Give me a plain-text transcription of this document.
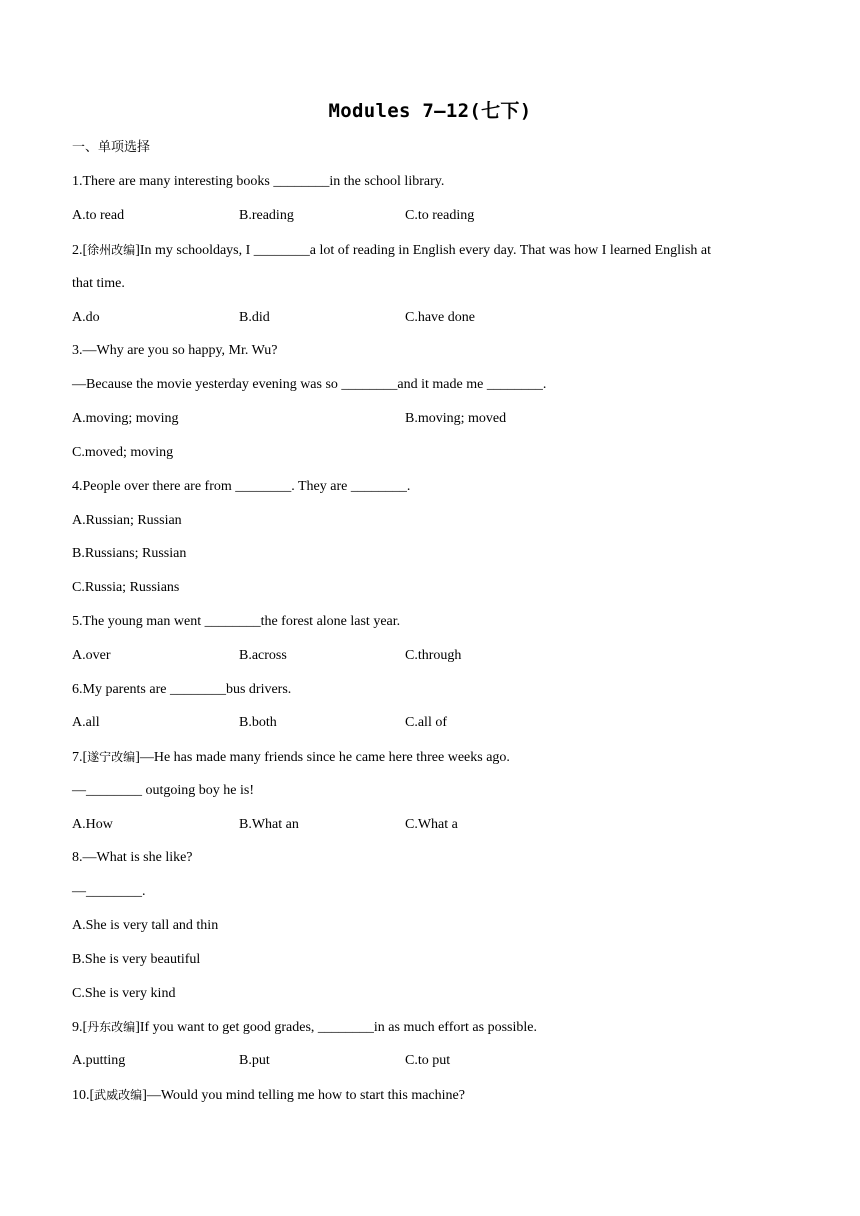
Modules 7—12(七下)
一、单项选择
1.There are many interesting books ________in the school library.
A.to read	B.reading	C.to reading
2.[徐州改编]In my schooldays, I ________a lot of reading in English every day. That was how I learned English at
that time.
A.do	B.did	C.have done
3.—Why are you so happy, Mr. Wu?
—Because the movie yesterday evening was so ________and it made me ________.
A.moving; moving	B.moving; moved
C.moved; moving
4.People over there are from ________. They are ________.
A.Russian; Russian
B.Russians; Russian
C.Russia; Russians
5.The young man went ________the forest alone last year.
A.over	B.across	C.through
6.My parents are ________bus drivers.
A.all	B.both	C.all of
7.[遂宁改编]—He has made many friends since he came here three weeks ago.
—________ outgoing boy he is!
A.How	B.What an	C.What a
8.—What is she like?
—________.
A.She is very tall and thin
B.She is very beautiful
C.She is very kind
9.[丹东改编]If you want to get good grades, ________in as much effort as possible.
A.putting	B.put	C.to put
10.[武威改编]—Would you mind telling me how to start this machine?
